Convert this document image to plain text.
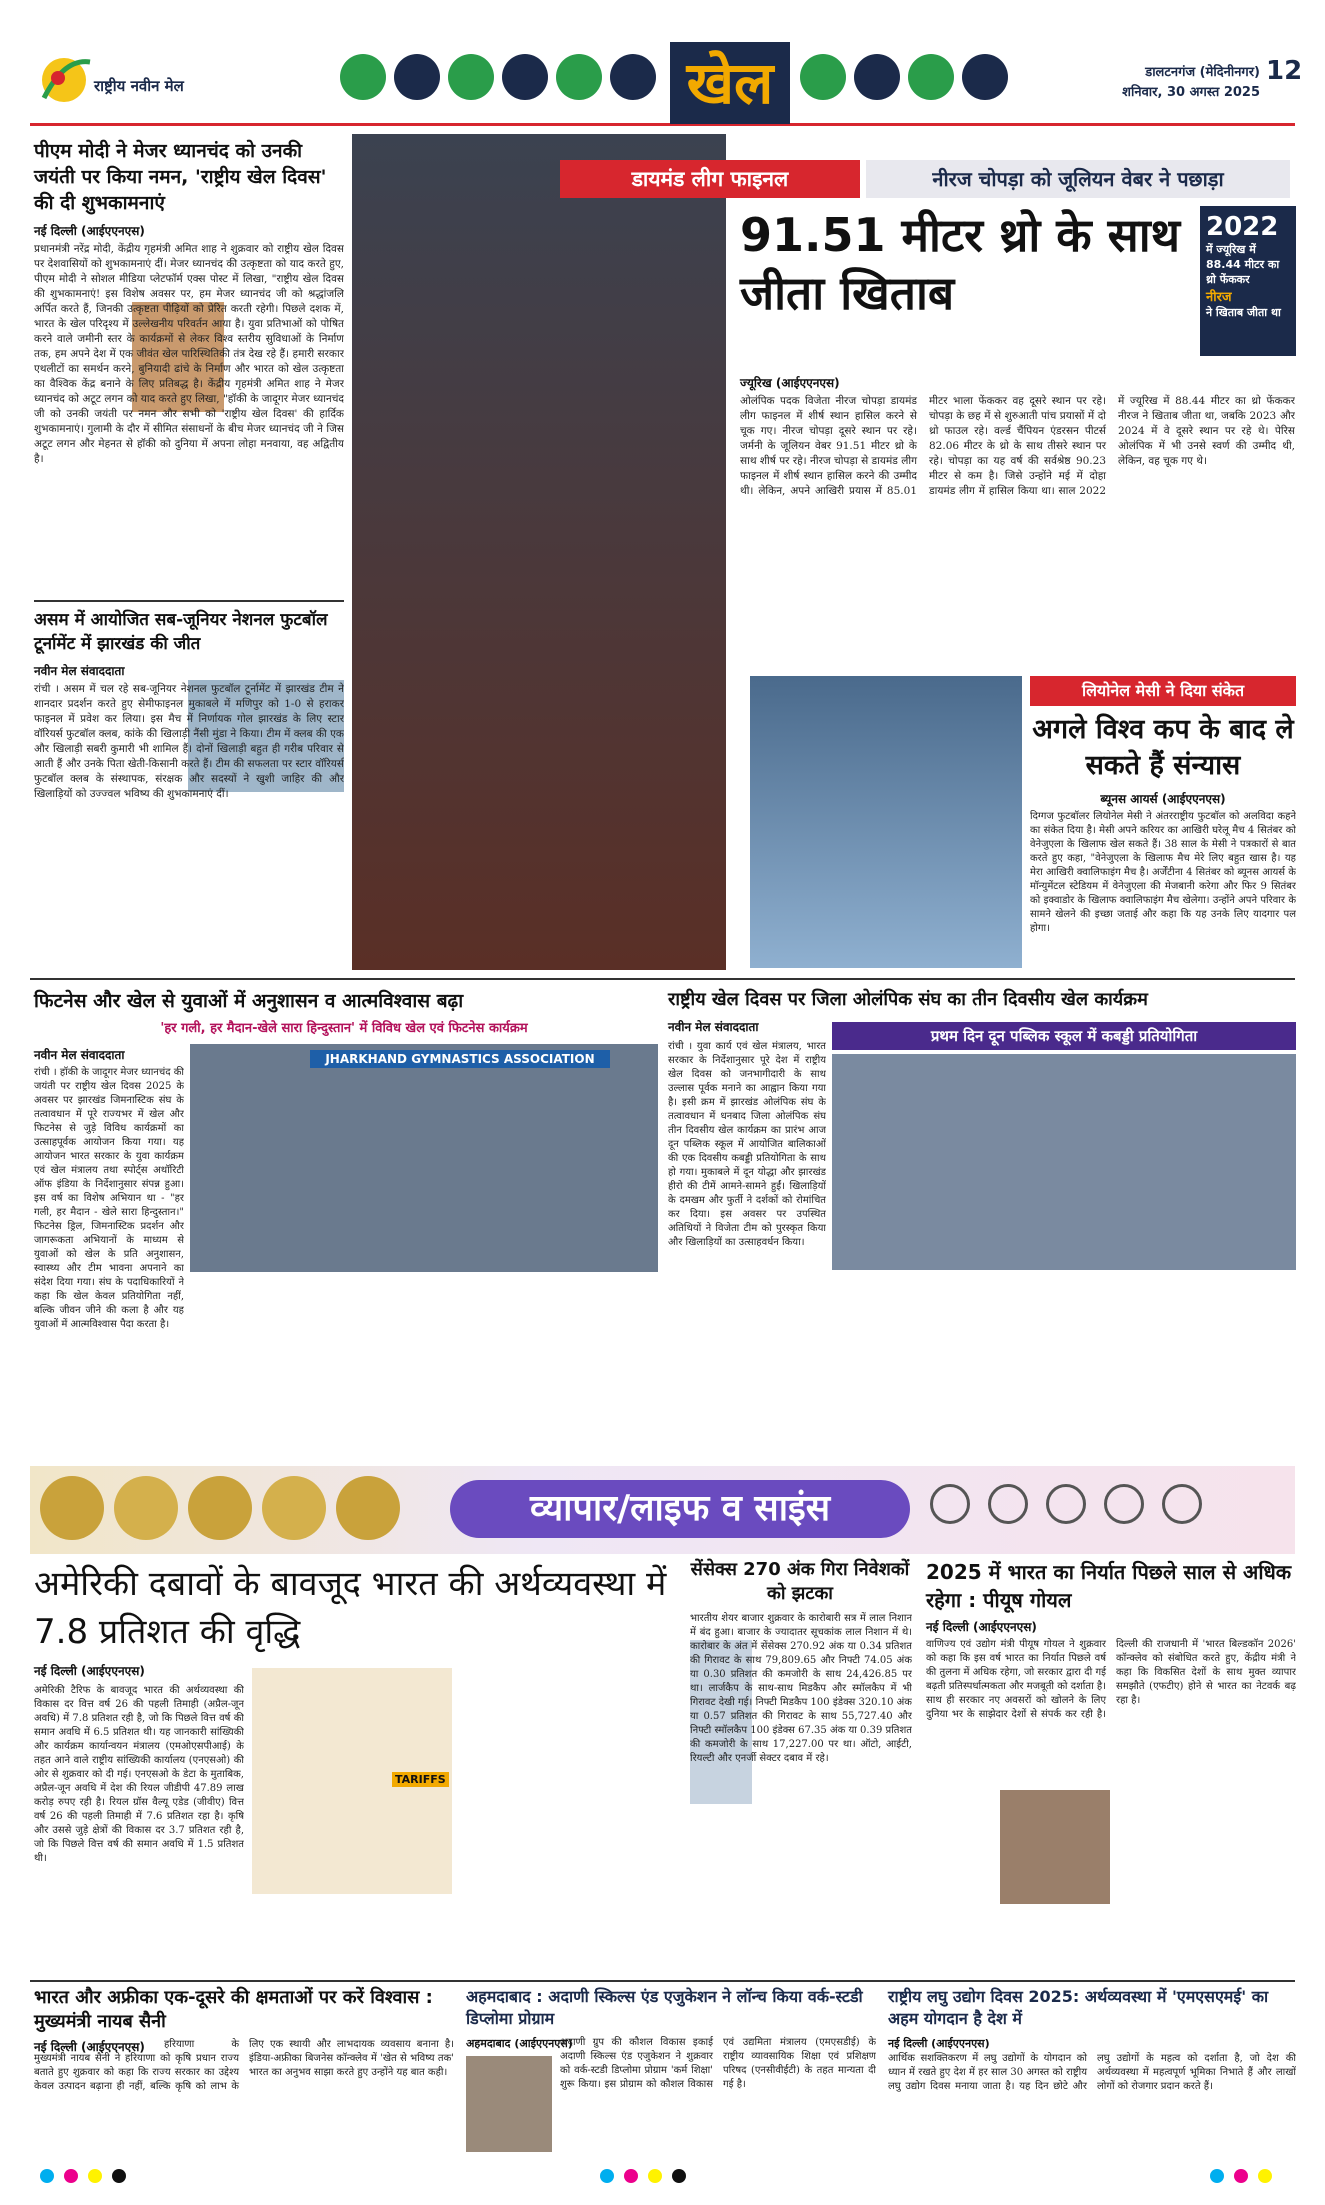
राष्ट्रीय नवीन मेल	खेल	डालटनगंज (मेदिनीनगर)
शनिवार, 30 अगस्त 2025
12
पीएम मोदी ने मेजर ध्यानचंद को उनकी जयंती पर किया नमन, 'राष्ट्रीय खेल दिवस' की दी शुभकामनाएं
नई दिल्ली (आईएएनएस)
प्रधानमंत्री नरेंद्र मोदी, केंद्रीय गृहमंत्री अमित शाह ने शुक्रवार को राष्ट्रीय खेल दिवस पर देशवासियों को शुभकामनाएं दीं। मेजर ध्यानचंद की उत्कृष्टता को याद करते हुए, पीएम मोदी ने सोशल मीडिया प्लेटफॉर्म एक्स पोस्ट में लिखा, "राष्ट्रीय खेल दिवस की शुभकामनाएं! इस विशेष अवसर पर, हम मेजर ध्यानचंद जी को श्रद्धांजलि अर्पित करते हैं, जिनकी उत्कृष्टता पीढ़ियों को प्रेरित करती रहेगी। पिछले दशक में, भारत के खेल परिदृश्य में उल्लेखनीय परिवर्तन आया है। युवा प्रतिभाओं को पोषित करने वाले जमीनी स्तर के कार्यक्रमों से लेकर विश्व स्तरीय सुविधाओं के निर्माण तक, हम अपने देश में एक जीवंत खेल पारिस्थितिकी तंत्र देख रहे हैं। हमारी सरकार एथलीटों का समर्थन करने, बुनियादी ढांचे के निर्माण और भारत को खेल उत्कृष्टता का वैश्विक केंद्र बनाने के लिए प्रतिबद्ध है। केंद्रीय गृहमंत्री अमित शाह ने मेजर ध्यानचंद को अटूट लगन को याद करते हुए लिखा, "हॉकी के जादूगर मेजर ध्यानचंद जी को उनकी जयंती पर नमन और सभी को 'राष्ट्रीय खेल दिवस' की हार्दिक शुभकामनाएं। गुलामी के दौर में सीमित संसाधनों के बीच मेजर ध्यानचंद जी ने जिस अटूट लगन और मेहनत से हॉकी को दुनिया में अपना लोहा मनवाया, वह अद्वितीय है।
असम में आयोजित सब-जूनियर नेशनल फुटबॉल टूर्नामेंट में झारखंड की जीत
नवीन मेल संवाददाता
रांची । असम में चल रहे सब-जूनियर नेशनल फुटबॉल टूर्नामेंट में झारखंड टीम ने शानदार प्रदर्शन करते हुए सेमीफाइनल मुकाबले में मणिपुर को 1-0 से हराकर फाइनल में प्रवेश कर लिया। इस मैच में निर्णायक गोल झारखंड के लिए स्टार वॉरियर्स फुटबॉल क्लब, कांके की खिलाड़ी नैंसी मुंडा ने किया। टीम में क्लब की एक और खिलाड़ी सबरी कुमारी भी शामिल हैं। दोनों खिलाड़ी बहुत ही गरीब परिवार से आती हैं और उनके पिता खेती-किसानी करते हैं। टीम की सफलता पर स्टार वॉरियर्स फुटबॉल क्लब के संस्थापक, संरक्षक और सदस्यों ने खुशी जाहिर की और खिलाड़ियों को उज्ज्वल भविष्य की शुभकामनाएं दीं।
डायमंड लीग फाइनल	नीरज चोपड़ा को जूलियन वेबर ने पछाड़ा
91.51 मीटर थ्रो के साथ जीता खिताब
2022
में ज्यूरिख में 88.44 मीटर का थ्रो फेंककर
नीरज
ने खिताब जीता था
ज्यूरिख (आईएएनएस)
ओलंपिक पदक विजेता नीरज चोपड़ा डायमंड लीग फाइनल में शीर्ष स्थान हासिल करने से चूक गए। नीरज चोपड़ा दूसरे स्थान पर रहे। जर्मनी के जूलियन वेबर 91.51 मीटर थ्रो के साथ शीर्ष पर रहे। नीरज चोपड़ा से डायमंड लीग फाइनल में शीर्ष स्थान हासिल करने की उम्मीद थी। लेकिन, अपने आखिरी प्रयास में 85.01 मीटर भाला फेंककर वह दूसरे स्थान पर रहे। चोपड़ा के छह में से शुरुआती पांच प्रयासों में दो थ्रो फाउल रहे। वर्ल्ड चैंपियन एंडरसन पीटर्स 82.06 मीटर के थ्रो के साथ तीसरे स्थान पर रहे। चोपड़ा का यह वर्ष की सर्वश्रेष्ठ 90.23 मीटर से कम है। जिसे उन्होंने मई में दोहा डायमंड लीग में हासिल किया था। साल 2022 में ज्यूरिख में 88.44 मीटर का थ्रो फेंककर नीरज ने खिताब जीता था, जबकि 2023 और 2024 में वे दूसरे स्थान पर रहे थे। पेरिस ओलंपिक में भी उनसे स्वर्ण की उम्मीद थी, लेकिन, वह चूक गए थे।
लियोनेल मेसी ने दिया संकेत
अगले विश्व कप के बाद ले सकते हैं संन्यास
ब्यूनस आयर्स (आईएएनएस)
दिग्गज फुटबॉलर लियोनेल मेसी ने अंतरराष्ट्रीय फुटबॉल को अलविदा कहने का संकेत दिया है। मेसी अपने करियर का आखिरी घरेलू मैच 4 सितंबर को वेनेजुएला के खिलाफ खेल सकते हैं। 38 साल के मेसी ने पत्रकारों से बात करते हुए कहा, "वेनेजुएला के खिलाफ मैच मेरे लिए बहुत खास है। यह मेरा आखिरी क्वालिफाइंग मैच है। अर्जेंटीना 4 सितंबर को ब्यूनस आयर्स के मॉन्युमेंटल स्टेडियम में वेनेजुएला की मेजबानी करेगा और फिर 9 सितंबर को इक्वाडोर के खिलाफ क्वालिफाइंग मैच खेलेगा। उन्होंने अपने परिवार के सामने खेलने की इच्छा जताई और कहा कि यह उनके लिए यादगार पल होगा।
फिटनेस और खेल से युवाओं में अनुशासन व आत्मविश्वास बढ़ा
'हर गली, हर मैदान-खेले सारा हिन्दुस्तान' में विविध खेल एवं फिटनेस कार्यक्रम
नवीन मेल संवाददाता	JHARKHAND GYMNASTICS ASSOCIATION
रांची । हॉकी के जादूगर मेजर ध्यानचंद की जयंती पर राष्ट्रीय खेल दिवस 2025 के अवसर पर झारखंड जिमनास्टिक संघ के तत्वावधान में पूरे राज्यभर में खेल और फिटनेस से जुड़े विविध कार्यक्रमों का उत्साहपूर्वक आयोजन किया गया। यह आयोजन भारत सरकार के युवा कार्यक्रम एवं खेल मंत्रालय तथा स्पोर्ट्स अथॉरिटी ऑफ इंडिया के निर्देशानुसार संपन्न हुआ। इस वर्ष का विशेष अभियान था - "हर गली, हर मैदान - खेले सारा हिन्दुस्तान।" फिटनेस ड्रिल, जिमनास्टिक प्रदर्शन और जागरूकता अभियानों के माध्यम से युवाओं को खेल के प्रति अनुशासन, स्वास्थ्य और टीम भावना अपनाने का संदेश दिया गया। संघ के पदाधिकारियों ने कहा कि खेल केवल प्रतियोगिता नहीं, बल्कि जीवन जीने की कला है और यह युवाओं में आत्मविश्वास पैदा करता है।
राष्ट्रीय खेल दिवस पर जिला ओलंपिक संघ का तीन दिवसीय खेल कार्यक्रम
नवीन मेल संवाददाता	प्रथम दिन दून पब्लिक स्कूल में कबड्डी प्रतियोगिता
रांची । युवा कार्य एवं खेल मंत्रालय, भारत सरकार के निर्देशानुसार पूरे देश में राष्ट्रीय खेल दिवस को जनभागीदारी के साथ उल्लास पूर्वक मनाने का आह्वान किया गया है। इसी क्रम में झारखंड ओलंपिक संघ के तत्वावधान में धनबाद जिला ओलंपिक संघ तीन दिवसीय खेल कार्यक्रम का प्रारंभ आज दून पब्लिक स्कूल में आयोजित बालिकाओं की एक दिवसीय कबड्डी प्रतियोगिता के साथ हो गया। मुकाबले में दून योद्धा और झारखंड हीरो की टीमें आमने-सामने हुईं। खिलाड़ियों के दमखम और फुर्ती ने दर्शकों को रोमांचित कर दिया। इस अवसर पर उपस्थित अतिथियों ने विजेता टीम को पुरस्कृत किया और खिलाड़ियों का उत्साहवर्धन किया।
व्यापार/लाइफ व साइंस
अमेरिकी दबावों के बावजूद भारत की अर्थव्यवस्था में 7.8 प्रतिशत की वृद्धि
नई दिल्ली (आईएएनएस)
अमेरिकी टैरिफ के बावजूद भारत की अर्थव्यवस्था की विकास दर वित्त वर्ष 26 की पहली तिमाही (अप्रैल-जून अवधि) में 7.8 प्रतिशत रही है, जो कि पिछले वित्त वर्ष की समान अवधि में 6.5 प्रतिशत थी। यह जानकारी सांख्यिकी और कार्यक्रम कार्यान्वयन मंत्रालय (एमओएसपीआई) के तहत आने वाले राष्ट्रीय सांख्यिकी कार्यालय (एनएसओ) की ओर से शुक्रवार को दी गई। एनएसओ के डेटा के मुताबिक, अप्रैल-जून अवधि में देश की रियल जीडीपी 47.89 लाख करोड़ रुपए रही है। रियल ग्रॉस वैल्यू एडेड (जीवीए) वित्त वर्ष 26 की पहली तिमाही में 7.6 प्रतिशत रहा है। कृषि और उससे जुड़े क्षेत्रों की विकास दर 3.7 प्रतिशत रही है, जो कि पिछले वित्त वर्ष की समान अवधि में 1.5 प्रतिशत थी।
TARIFFS
सेंसेक्स 270 अंक गिरा निवेशकों को झटका
भारतीय शेयर बाजार शुक्रवार के कारोबारी सत्र में लाल निशान में बंद हुआ। बाजार के ज्यादातर सूचकांक लाल निशान में थे। कारोबार के अंत में सेंसेक्स 270.92 अंक या 0.34 प्रतिशत की गिरावट के साथ 79,809.65 और निफ्टी 74.05 अंक या 0.30 प्रतिशत की कमजोरी के साथ 24,426.85 पर था। लार्जकैप के साथ-साथ मिडकैप और स्मॉलकैप में भी गिरावट देखी गई। निफ्टी मिडकैप 100 इंडेक्स 320.10 अंक या 0.57 प्रतिशत की गिरावट के साथ 55,727.40 और निफ्टी स्मॉलकैप 100 इंडेक्स 67.35 अंक या 0.39 प्रतिशत की कमजोरी के साथ 17,227.00 पर था। ऑटो, आईटी, रियल्टी और एनर्जी सेक्टर दबाव में रहे।
2025 में भारत का निर्यात पिछले साल से अधिक रहेगा : पीयूष गोयल
नई दिल्ली (आईएएनएस)
वाणिज्य एवं उद्योग मंत्री पीयूष गोयल ने शुक्रवार को कहा कि इस वर्ष भारत का निर्यात पिछले वर्ष की तुलना में अधिक रहेगा, जो सरकार द्वारा दी गई बढ़ती प्रतिस्पर्धात्मकता और मजबूती को दर्शाता है। साथ ही सरकार नए अवसरों को खोलने के लिए दुनिया भर के साझेदार देशों से संपर्क कर रही है। दिल्ली की राजधानी में 'भारत बिल्डकॉन 2026' कॉन्क्लेव को संबोधित करते हुए, केंद्रीय मंत्री ने कहा कि विकसित देशों के साथ मुक्त व्यापार समझौते (एफटीए) होने से भारत का नेटवर्क बढ़ रहा है।
भारत और अफ्रीका एक-दूसरे की क्षमताओं पर करें विश्वास : मुख्यमंत्री नायब सैनी
नई दिल्ली (आईएएनएस)	हरियाणा के मुख्यमंत्री नायब सैनी ने हरियाणा को कृषि प्रधान राज्य बताते हुए शुक्रवार को कहा कि राज्य सरकार का उद्देश्य केवल उत्पादन बढ़ाना ही नहीं, बल्कि कृषि को लाभ के लिए एक स्थायी और लाभदायक व्यवसाय बनाना है। इंडिया-अफ्रीका बिजनेस कॉन्क्लेव में 'खेत से भविष्य तक' भारत का अनुभव साझा करते हुए उन्होंने यह बात कही।
अहमदाबाद : अदाणी स्किल्स एंड एजुकेशन ने लॉन्च किया वर्क-स्टडी डिप्लोमा प्रोग्राम
अहमदाबाद (आईएएनएस)
अदाणी ग्रुप की कौशल विकास इकाई अदाणी स्किल्स एंड एजुकेशन ने शुक्रवार को वर्क-स्टडी डिप्लोमा प्रोग्राम 'कर्म शिक्षा' शुरू किया। इस प्रोग्राम को कौशल विकास एवं उद्यमिता मंत्रालय (एमएसडीई) के राष्ट्रीय व्यावसायिक शिक्षा एवं प्रशिक्षण परिषद (एनसीवीईटी) के तहत मान्यता दी गई है।
राष्ट्रीय लघु उद्योग दिवस 2025: अर्थव्यवस्था में 'एमएसएमई' का अहम योगदान है देश में
नई दिल्ली (आईएएनएस)
आर्थिक सशक्तिकरण में लघु उद्योगों के योगदान को ध्यान में रखते हुए देश में हर साल 30 अगस्त को राष्ट्रीय लघु उद्योग दिवस मनाया जाता है। यह दिन छोटे और लघु उद्योगों के महत्व को दर्शाता है, जो देश की अर्थव्यवस्था में महत्वपूर्ण भूमिका निभाते हैं और लाखों लोगों को रोजगार प्रदान करते हैं।
